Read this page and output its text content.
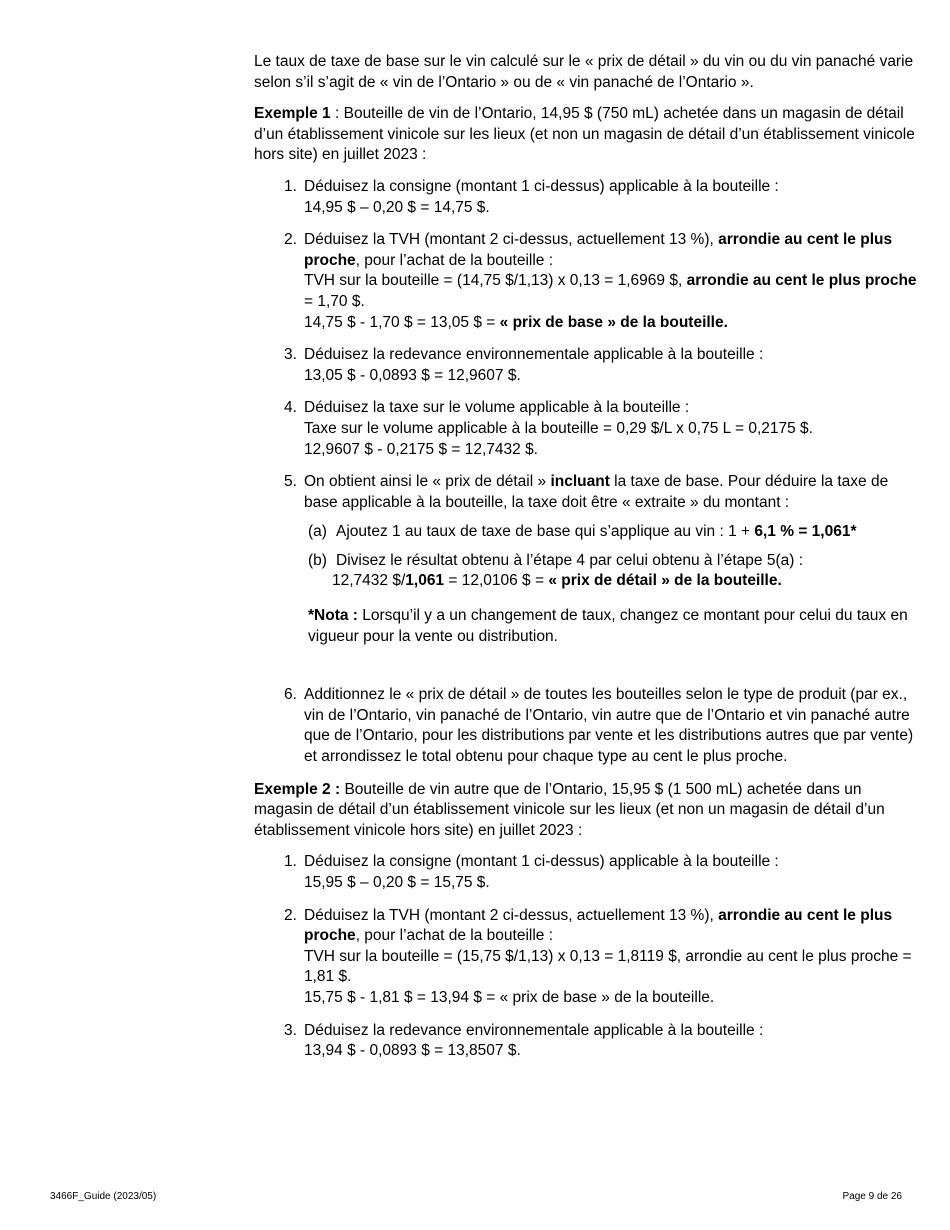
Le taux de taxe de base sur le vin calculé sur le « prix de détail » du vin ou du vin panaché varie selon s’il s’agit de « vin de l’Ontario » ou de « vin panaché de l’Ontario ».

Exemple 1 : Bouteille de vin de l’Ontario, 14,95 $ (750 mL) achetée dans un magasin de détail d’un établissement vinicole sur les lieux (et non un magasin de détail d’un établissement vinicole hors site) en juillet 2023 :

1. Déduisez la consigne (montant 1 ci-dessus) applicable à la bouteille :
14,95 $ – 0,20 $ = 14,75 $.
2. Déduisez la TVH (montant 2 ci-dessus, actuellement 13 %), arrondie au cent le plus proche, pour l’achat de la bouteille :
TVH sur la bouteille = (14,75 $/1,13) x 0,13 = 1,6969 $, arrondie au cent le plus proche = 1,70 $.
14,75 $ - 1,70 $ = 13,05 $ = « prix de base » de la bouteille.
3. Déduisez la redevance environnementale applicable à la bouteille :
13,05 $ - 0,0893 $ = 12,9607 $.
4. Déduisez la taxe sur le volume applicable à la bouteille :
Taxe sur le volume applicable à la bouteille = 0,29 $/L x 0,75 L = 0,2175 $.
12,9607 $ - 0,2175 $ = 12,7432 $.
5. On obtient ainsi le « prix de détail » incluant la taxe de base. Pour déduire la taxe de base applicable à la bouteille, la taxe doit être « extraite » du montant :
(a) Ajoutez 1 au taux de taxe de base qui s’applique au vin : 1 + 6,1 % = 1,061*
(b) Divisez le résultat obtenu à l’étape 4 par celui obtenu à l’étape 5(a) :
12,7432 $/1,061 = 12,0106 $ = « prix de détail » de la bouteille.

*Nota : Lorsqu’il y a un changement de taux, changez ce montant pour celui du taux en vigueur pour la vente ou distribution.

6. Additionnez le « prix de détail » de toutes les bouteilles selon le type de produit (par ex., vin de l’Ontario, vin panaché de l’Ontario, vin autre que de l’Ontario et vin panaché autre que de l’Ontario, pour les distributions par vente et les distributions autres que par vente) et arrondissez le total obtenu pour chaque type au cent le plus proche.

Exemple 2 : Bouteille de vin autre que de l’Ontario, 15,95 $ (1 500 mL) achetée dans un magasin de détail d’un établissement vinicole sur les lieux (et non un magasin de détail d’un établissement vinicole hors site) en juillet 2023 :

1. Déduisez la consigne (montant 1 ci-dessus) applicable à la bouteille :
15,95 $ – 0,20 $ = 15,75 $.
2. Déduisez la TVH (montant 2 ci-dessus, actuellement 13 %), arrondie au cent le plus proche, pour l’achat de la bouteille :
TVH sur la bouteille = (15,75 $/1,13) x 0,13 = 1,8119 $, arrondie au cent le plus proche = 1,81 $.
15,75 $ - 1,81 $ = 13,94 $ = « prix de base » de la bouteille.
3. Déduisez la redevance environnementale applicable à la bouteille :
13,94 $ - 0,0893 $ = 13,8507 $.
3466F_Guide (2023/05)	Page 9 de 26
